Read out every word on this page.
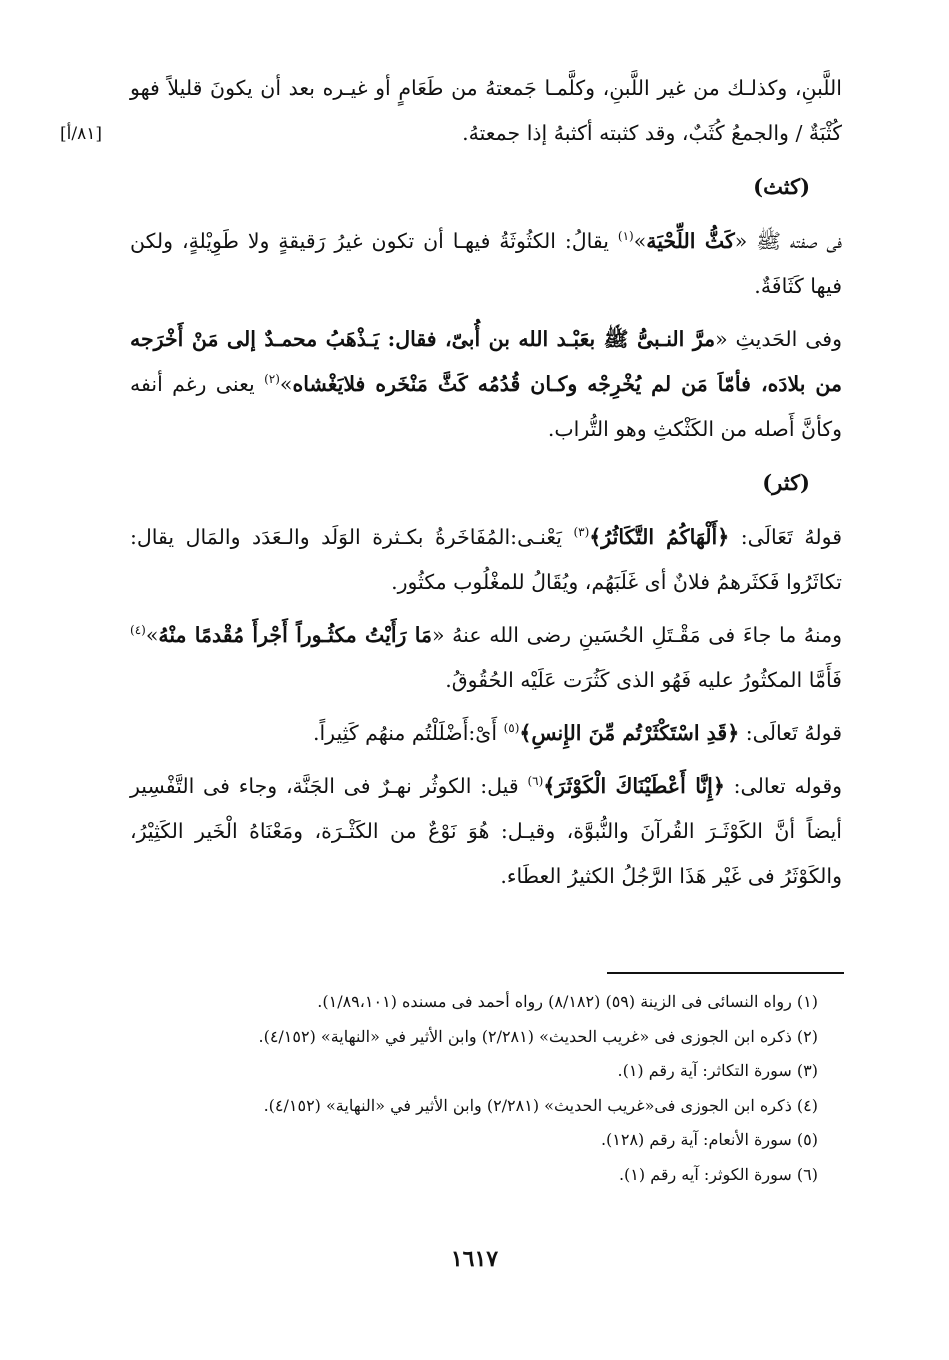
[۸۱/أ]

اللَّبنِ، وكذلـك من غير اللَّبنِ، وكلَّمـا جَمعتهُ من طَعَامٍ أو غيـره بعد أن يكونَ قليلاً فهو كُثْبَةٌ / والجمعُ كُثَبٌ، وقد كثبته أكثبهُ إذا جمعتهُ.

(كثث)

فى صفته ﷺ «كَثُّ اللِّحْيَة»$^{(١)}$ يقالُ: الكثُوثَةُ فيهـا أن تكون غيرُ رَقيقةٍ ولا طَوِيْلةٍ، ولكن فيها كَثَافَةٌ.

وفى الحَديثِ «مرَّ النـبىُّ ﷺ بعَبْـد الله بن أُبىّ، فقال: يَـذْهَبُ محمـدٌ إلى مَنْ أَخْرَجه من بلادَه، فأمّاَ مَن لم يُخْرِجْه وكـان قُدُمُه كَثَّ مَنْخَره فلايَغْشاه»$^{(٢)}$ يعنى رغم أنفه وكأنَّ أَصله من الكَثْكثِ وهو التُّراب.

(كثر)

قولهُ تَعَالَى: ﴿أَلْهَاكُمُ التَّكَاثُرُ﴾$^{(٣)}$ يَعْنـى:المُفَاخَرةُ بكـثرة الوَلَد والـعَدَد والمَال يقال: تكاثَرُوا فَكثَرهمُ فلانٌ أى غَلَبَهُم، ويُقَالُ للمغْلُوب مكثُور.

ومنهُ ما جاءَ فى مَقْـتَلِ الحُسَينِ رضى الله عنهُ «مَا رَأَيْتُ مكثُـوراً أَجْرأَ مُقْدمًا منْهُ»$^{(٤)}$ فَأَمَّا المكثُورُ عليه فَهُو الذى كَثُرَت عَلَيْه الحُقُوقُ.

قولهُ تَعالَى: ﴿قَدِ اسْتَكْثَرْتُم مِّنَ الإِنسِ﴾$^{(٥)}$ أَىْ:أَضْلَلْتُم منهُم كَثِيراً.

وقوله تعالى: ﴿إِنَّا أَعْطَيْنَاكَ الْكَوْثَرَ﴾$^{(٦)}$ قيل: الكوثُر نهـرٌ فى الجَنَّة، وجاء فى التَّفْسِير أيضاً أنَّ الكَوْثَـرَ القُرآنَ والنُّبوَّة، وقيـل: هُوَ نَوْعٌ من الكَثْـرَة، ومَعْنَاهُ الْخَير الكَثِيْرُ، والكَوْثَرُ فى غَيْر هَذَا الرَّجُلُ الكثيرُ العطَاء.

(١) رواه النسائى فى الزينة (٥٩) (٨/١٨٢) رواه أحمد فى مسنده (١/٨٩،١٠١).
(٢) ذكره ابن الجوزى فى «غريب الحديث» (٢/٢٨١) وابن الأثير في «النهاية» (٤/١٥٢).
(٣) سورة التكاثر: آية رقم (١).
(٤) ذكره ابن الجوزى فى«غريب الحديث» (٢/٢٨١) وابن الأثير في «النهاية» (٤/١٥٢).
(٥) سورة الأنعام: آية رقم (١٢٨).
(٦) سورة الكوثر: آيه رقم (١).
١٦١٧
